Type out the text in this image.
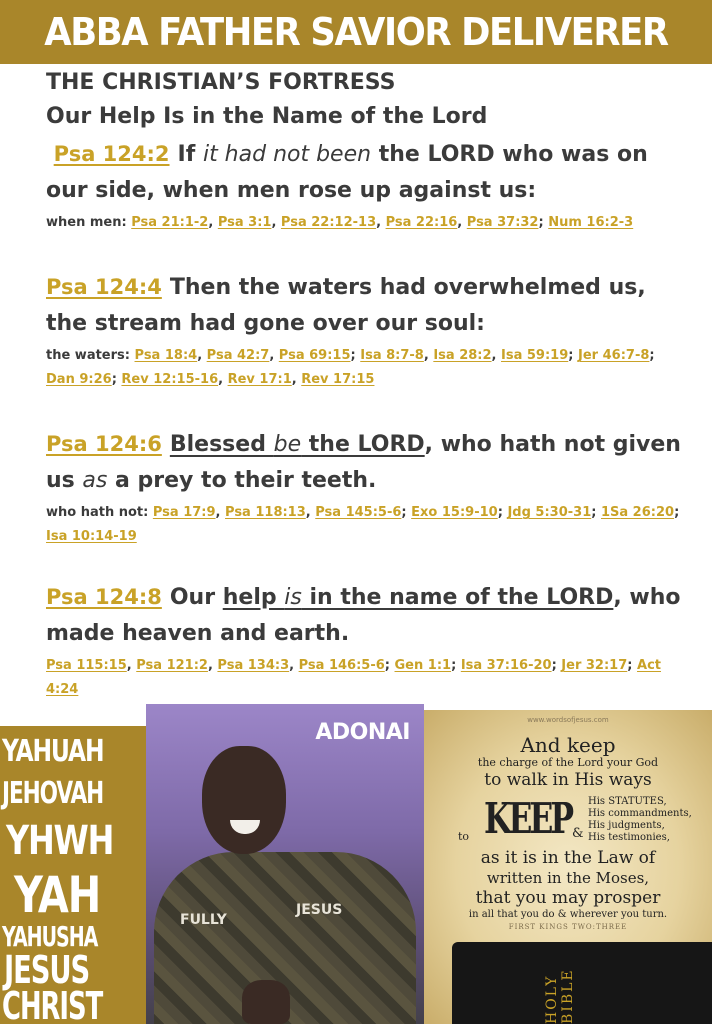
ABBA FATHER SAVIOR DELIVERER

THE CHRISTIAN’S FORTRESS

Our Help Is in the Name of the Lord

Psa 124:2 If it had not been the LORD who was on our side, when men rose up against us:

when men: Psa 21:1-2, Psa 3:1, Psa 22:12-13, Psa 22:16, Psa 37:32; Num 16:2-3

Psa 124:4 Then the waters had overwhelmed us, the stream had gone over our soul:

the waters: Psa 18:4, Psa 42:7, Psa 69:15; Isa 8:7-8, Isa 28:2, Isa 59:19; Jer 46:7-8; Dan 9:26; Rev 12:15-16, Rev 17:1, Rev 17:15

Psa 124:6 Blessed be the LORD, who hath not given us as a prey to their teeth.

who hath not: Psa 17:9, Psa 118:13, Psa 145:5-6; Exo 15:9-10; Jdg 5:30-31; 1Sa 26:20; Isa 10:14-19

Psa 124:8 Our help is in the name of the LORD, who made heaven and earth.

Psa 115:15, Psa 121:2, Psa 134:3, Psa 146:5-6; Gen 1:1; Isa 37:16-20; Jer 32:17; Act 4:24

YAHUAH
JEHOVAH
YHWH
YAH
YAHUSHA
JESUS
CHRIST
FULLY
JESUS
ADONAI	www.wordsofjesus.com
And keep
the charge of the Lord your God
to walk in His ways
to KEEP &
His STATUTES,
His commandments,
His judgments,
His testimonies,
as it is in the Law of
written in the Moses,
that you may prosper
in all that you do & wherever you turn.
FIRST KINGS TWO:THREE
HOLY BIBLE
